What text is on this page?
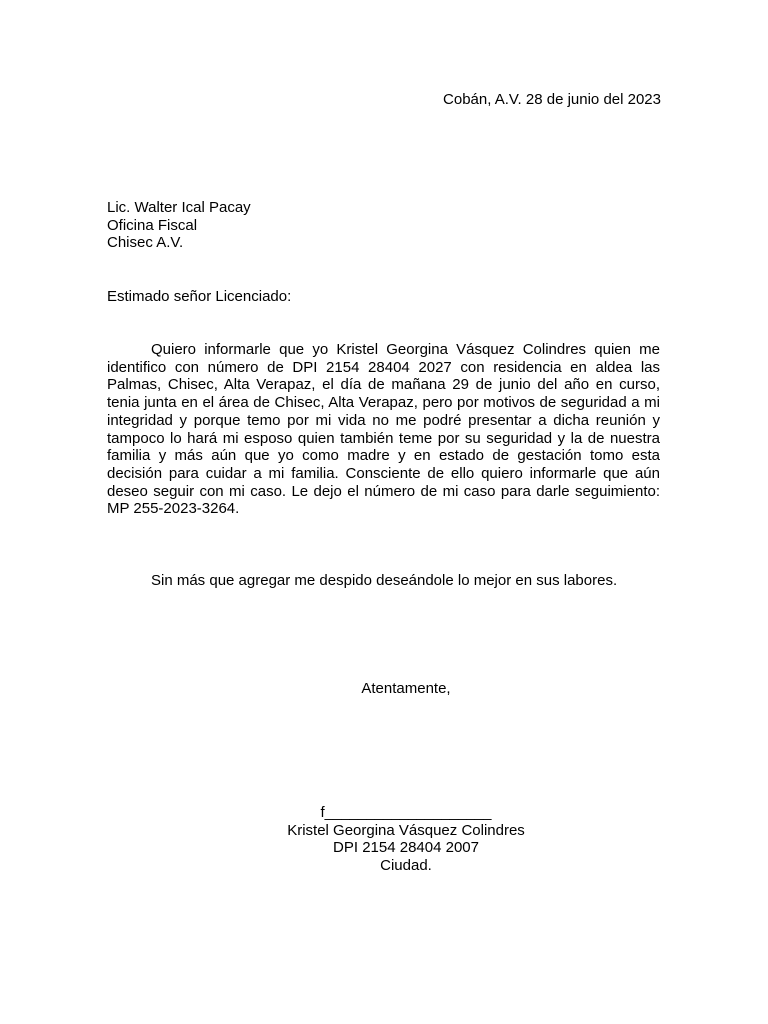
Cobán, A.V. 28 de junio del 2023
Lic. Walter Ical Pacay
Oficina Fiscal
Chisec A.V.
Estimado señor Licenciado:

Quiero informarle que yo Kristel Georgina Vásquez Colindres quien me identifico con número de DPI 2154 28404 2027 con residencia en aldea las Palmas, Chisec, Alta Verapaz, el día de mañana 29 de junio del año en curso, tenia junta en el área de Chisec, Alta Verapaz, pero por motivos de seguridad a mi integridad y porque temo por mi vida no me podré presentar a dicha reunión y tampoco lo hará mi esposo quien también teme por su seguridad y la de nuestra familia y más aún que yo como madre y en estado de gestación tomo esta decisión para cuidar a mi familia. Consciente de ello quiero informarle que aún deseo seguir con mi caso. Le dejo el número de mi caso para darle seguimiento: MP 255-2023-3264.

Sin más que agregar me despido deseándole lo mejor en sus labores.
Atentamente,
f____________________
Kristel Georgina Vásquez Colindres
DPI 2154 28404 2007
Ciudad.
